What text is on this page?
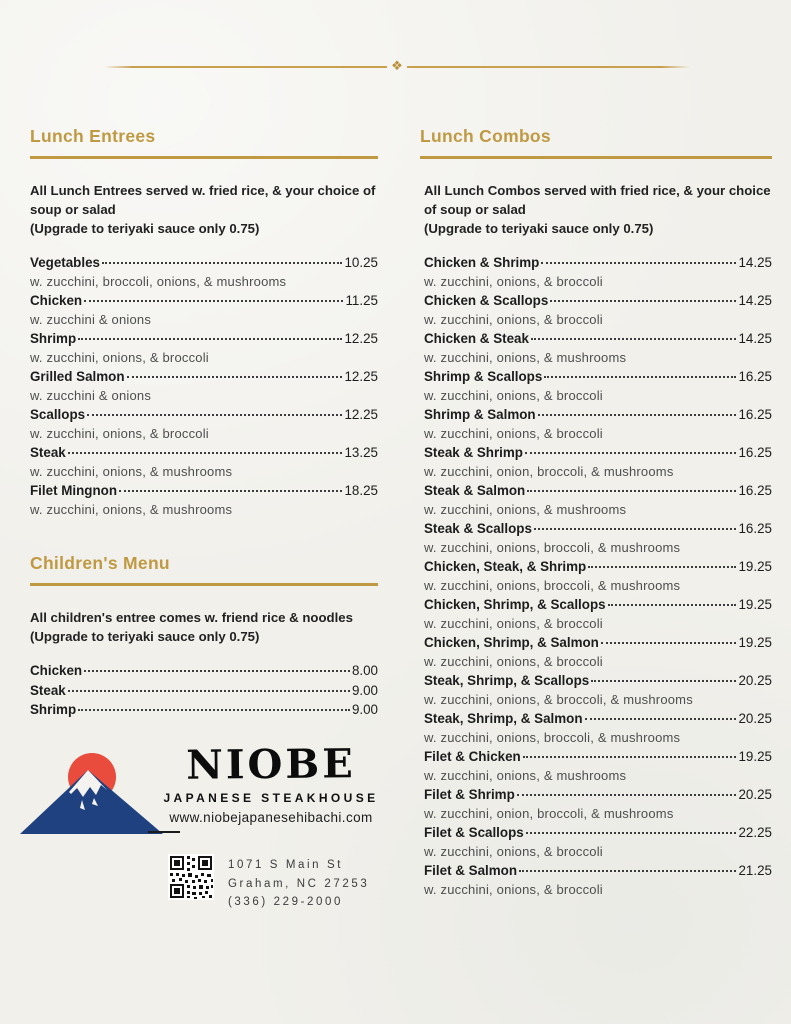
❖
Lunch Entrees

All Lunch Entrees served w. fried rice, & your choice of soup or salad

(Upgrade to teriyaki sauce only 0.75)

Vegetables	10.25
w. zucchini, broccoli, onions, & mushrooms
Chicken	11.25
w. zucchini & onions
Shrimp	12.25
w. zucchini, onions, & broccoli
Grilled Salmon	12.25
w. zucchini & onions
Scallops	12.25
w. zucchini, onions, & broccoli
Steak	13.25
w. zucchini, onions, & mushrooms
Filet Mingnon	18.25
w. zucchini, onions, & mushrooms
Children's Menu

All children's entree comes w. friend rice & noodles

(Upgrade to teriyaki sauce only 0.75)

Chicken	8.00
Steak	9.00
Shrimp	9.00
Lunch Combos

All Lunch Combos served with fried rice, & your choice of soup or salad

(Upgrade to teriyaki sauce only 0.75)

Chicken & Shrimp	14.25
w. zucchini, onions, & broccoli
Chicken & Scallops	14.25
w. zucchini, onions, & broccoli
Chicken & Steak	14.25
w. zucchini, onions, & mushrooms
Shrimp & Scallops	16.25
w. zucchini, onions, & broccoli
Shrimp & Salmon	16.25
w. zucchini, onions, & broccoli
Steak & Shrimp	16.25
w. zucchini, onion, broccoli, & mushrooms
Steak & Salmon	16.25
w. zucchini, onions, & mushrooms
Steak & Scallops	16.25
w. zucchini, onions, broccoli, & mushrooms
Chicken, Steak, & Shrimp	19.25
w. zucchini, onions, broccoli, & mushrooms
Chicken, Shrimp, & Scallops	19.25
w. zucchini, onions, & broccoli
Chicken, Shrimp, & Salmon	19.25
w. zucchini, onions, & broccoli
Steak, Shrimp, & Scallops	20.25
w. zucchini, onions, & broccoli, & mushrooms
Steak, Shrimp, & Salmon	20.25
w. zucchini, onions, broccoli, & mushrooms
Filet & Chicken	19.25
w. zucchini, onions, & mushrooms
Filet & Shrimp	20.25
w. zucchini, onion, broccoli, & mushrooms
Filet & Scallops	22.25
w. zucchini, onions, & broccoli
Filet & Salmon	21.25
w. zucchini, onions, & broccoli
NIOBE
JAPANESE STEAKHOUSE
www.niobejapanesehibachi.com
1071 S Main St
Graham, NC 27253
(336) 229-2000
